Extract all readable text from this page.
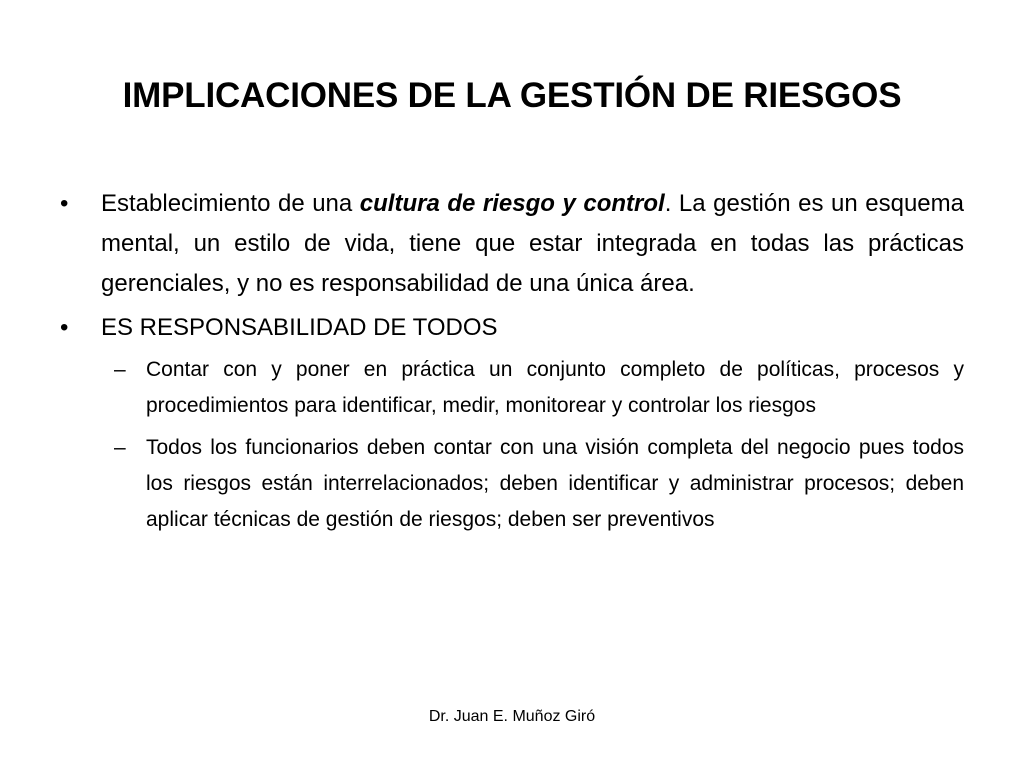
IMPLICACIONES DE LA GESTIÓN DE RIESGOS
•	Establecimiento de una cultura de riesgo y control. La gestión es un esquema mental, un estilo de vida, tiene que estar integrada en todas las prácticas gerenciales, y no es responsabilidad de una única área.
•	ES RESPONSABILIDAD DE TODOS
– Contar con y poner en práctica un conjunto completo de políticas, procesos y procedimientos para identificar, medir, monitorear y controlar los riesgos
– Todos los funcionarios deben contar con una visión completa del negocio pues todos los riesgos están interrelacionados; deben identificar y administrar procesos; deben aplicar técnicas de gestión de riesgos; deben ser preventivos
Dr. Juan E. Muñoz Giró
